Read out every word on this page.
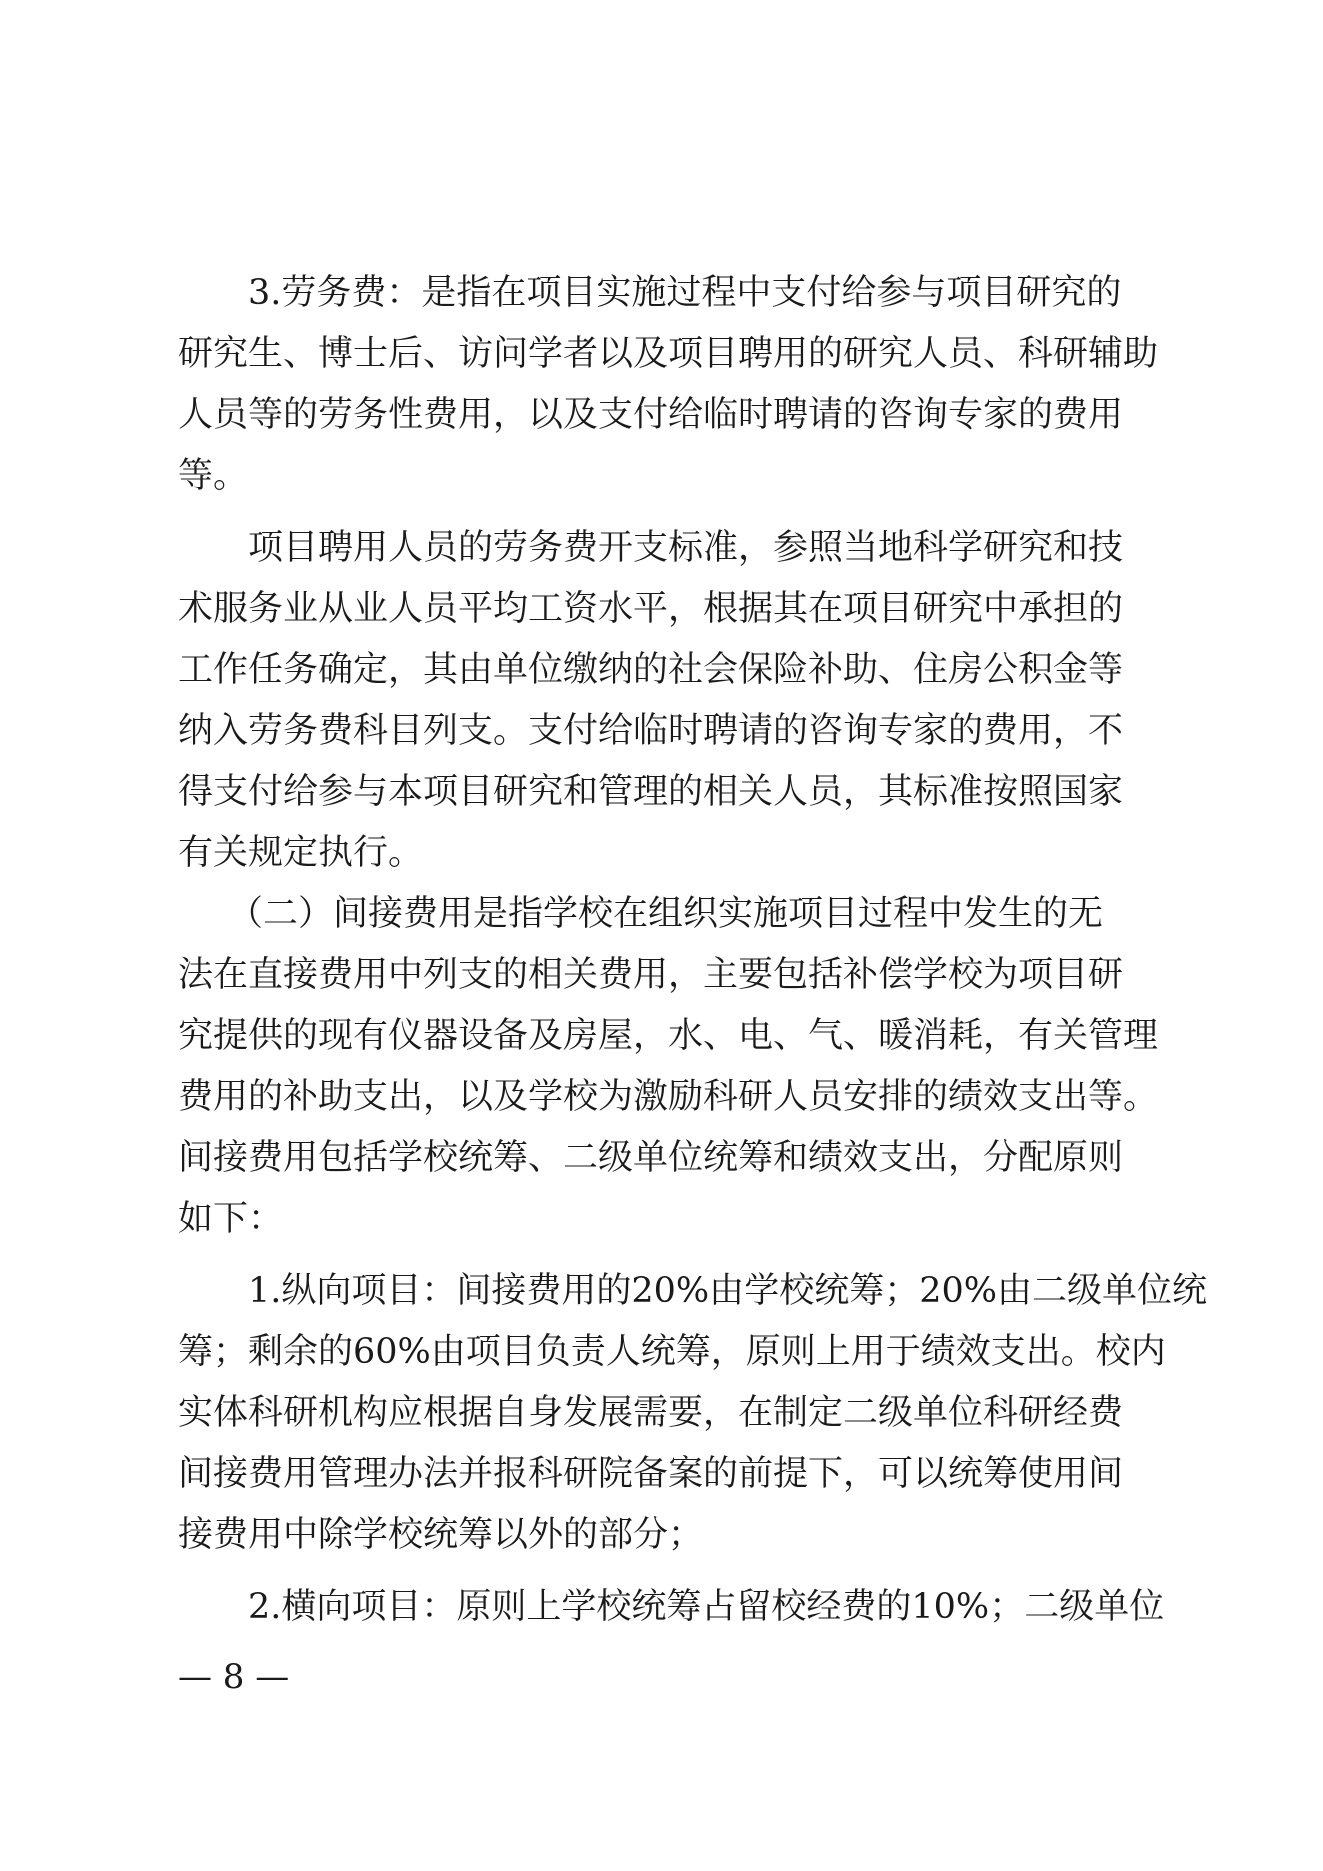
3.劳务费：是指在项目实施过程中支付给参与项目研究的
研究生、博士后、访问学者以及项目聘用的研究人员、科研辅助
人员等的劳务性费用，以及支付给临时聘请的咨询专家的费用
等。
项目聘用人员的劳务费开支标准，参照当地科学研究和技
术服务业从业人员平均工资水平，根据其在项目研究中承担的
工作任务确定，其由单位缴纳的社会保险补助、住房公积金等
纳入劳务费科目列支。支付给临时聘请的咨询专家的费用，不
得支付给参与本项目研究和管理的相关人员，其标准按照国家
有关规定执行。
（二）间接费用是指学校在组织实施项目过程中发生的无
法在直接费用中列支的相关费用，主要包括补偿学校为项目研
究提供的现有仪器设备及房屋，水、电、气、暖消耗，有关管理
费用的补助支出，以及学校为激励科研人员安排的绩效支出等。
间接费用包括学校统筹、二级单位统筹和绩效支出，分配原则
如下：
1.纵向项目：间接费用的20%由学校统筹；20%由二级单位统
筹；剩余的60%由项目负责人统筹，原则上用于绩效支出。校内
实体科研机构应根据自身发展需要，在制定二级单位科研经费
间接费用管理办法并报科研院备案的前提下，可以统筹使用间
接费用中除学校统筹以外的部分；
2.横向项目：原则上学校统筹占留校经费的10%；二级单位
— 8 —
